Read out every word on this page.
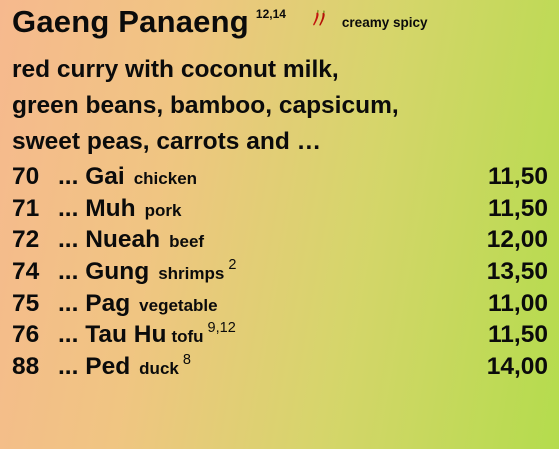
Gaeng Panaeng 12,14
creamy spicy
red curry with coconut milk,
green beans, bamboo, capsicum,
sweet peas, carrots and …
70 ... Gai chicken	11,50
71 ... Muh pork	11,50
72 ... Nueah beef	12,00
74 ... Gung shrimps 2	13,50
75 ... Pag vegetable	11,00
76 ... Tau Hu tofu 9,12	11,50
88 ... Ped duck 8	14,00
